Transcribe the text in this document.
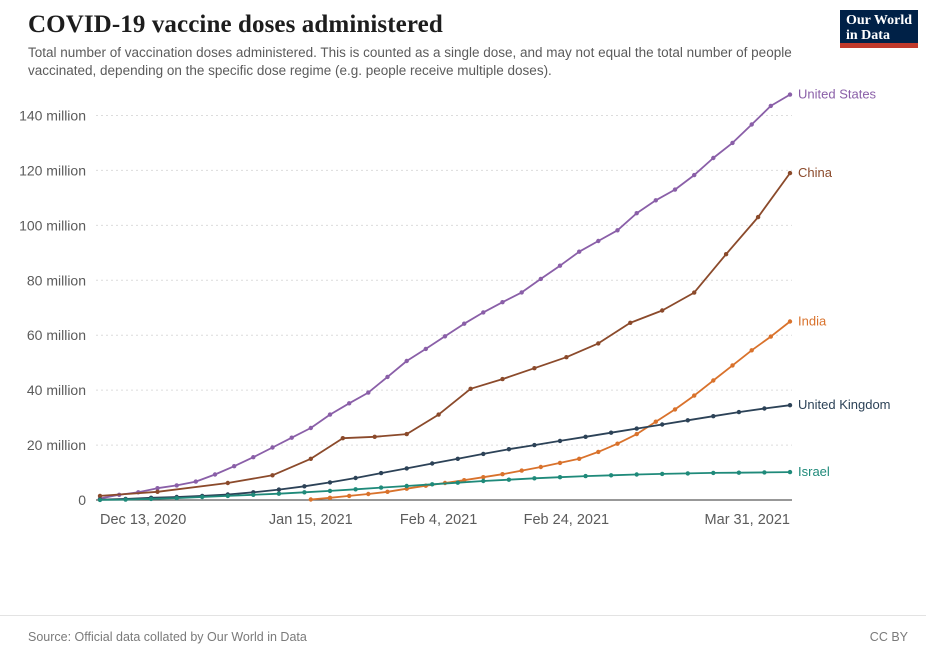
COVID-19 vaccine doses administered
Total number of vaccination doses administered. This is counted as a single dose, and may not equal the total number of people vaccinated, depending on the specific dose regime (e.g. people receive multiple doses).
Our World
in Data
0
20 million
40 million
60 million
80 million
100 million
120 million
140 million
Dec 13, 2020	Jan 15, 2021	Feb 4, 2021	Feb 24, 2021	Mar 31, 2021
United States
China
India
United Kingdom
Israel
Source: Official data collated by Our World in Data	CC BY
